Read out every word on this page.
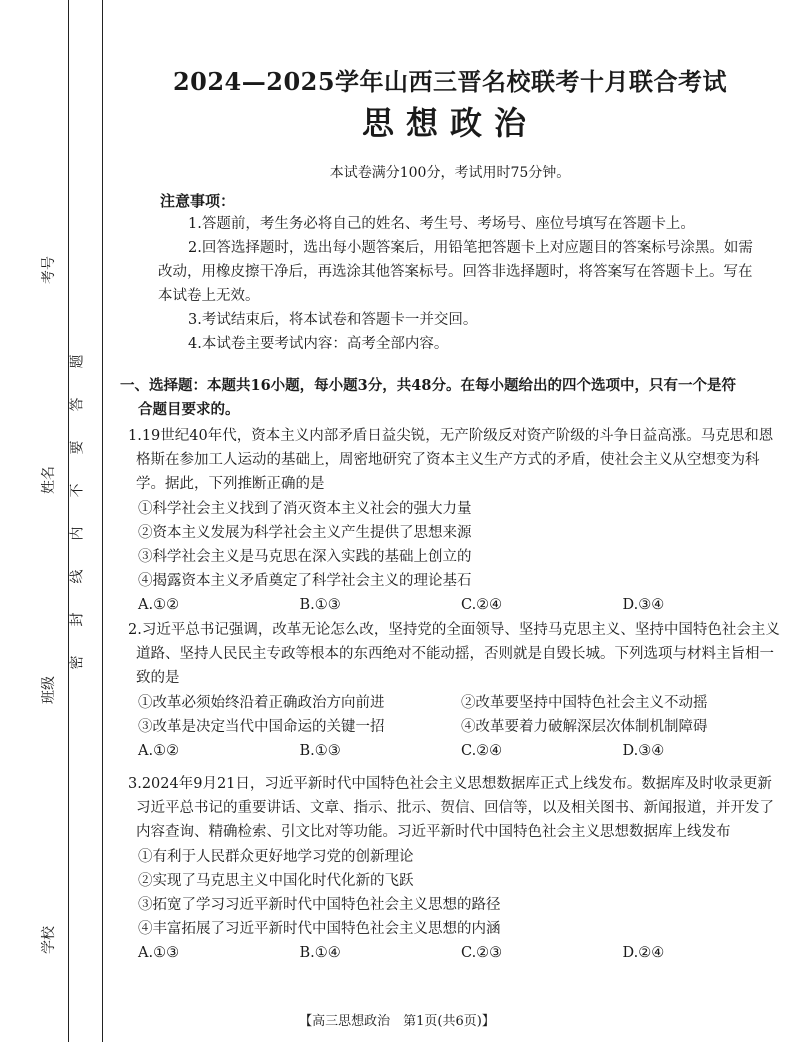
考号
姓名
班级
学校
题
答
要
不
内
线
封
密
2024—2025学年山西三晋名校联考十月联合考试
思想政治
本试卷满分100分，考试用时75分钟。
注意事项：

1.答题前，考生务必将自己的姓名、考生号、考场号、座位号填写在答题卡上。

2.回答选择题时，选出每小题答案后，用铅笔把答题卡上对应题目的答案标号涂黑。如需改动，用橡皮擦干净后，再选涂其他答案标号。回答非选择题时，将答案写在答题卡上。写在本试卷上无效。

3.考试结束后，将本试卷和答题卡一并交回。

4.本试卷主要考试内容：高考全部内容。

一、选择题：本题共16小题，每小题3分，共48分。在每小题给出的四个选项中，只有一个是符
合题目要求的。

1.19世纪40年代，资本主义内部矛盾日益尖锐，无产阶级反对资产阶级的斗争日益高涨。马克思和恩格斯在参加工人运动的基础上，周密地研究了资本主义生产方式的矛盾，使社会主义从空想变为科学。据此，下列推断正确的是

①科学社会主义找到了消灭资本主义社会的强大力量

②资本主义发展为科学社会主义产生提供了思想来源

③科学社会主义是马克思在深入实践的基础上创立的

④揭露资本主义矛盾奠定了科学社会主义的理论基石

A.①②	B.①③	C.②④	D.③④

2.习近平总书记强调，改革无论怎么改，坚持党的全面领导、坚持马克思主义、坚持中国特色社会主义道路、坚持人民民主专政等根本的东西绝对不能动摇，否则就是自毁长城。下列选项与材料主旨相一致的是

①改革必须始终沿着正确政治方向前进	②改革要坚持中国特色社会主义不动摇
③改革是决定当代中国命运的关键一招	④改革要着力破解深层次体制机制障碍
A.①②	B.①③	C.②④	D.③④

3.2024年9月21日，习近平新时代中国特色社会主义思想数据库正式上线发布。数据库及时收录更新习近平总书记的重要讲话、文章、指示、批示、贺信、回信等，以及相关图书、新闻报道，并开发了内容查询、精确检索、引文比对等功能。习近平新时代中国特色社会主义思想数据库上线发布

①有利于人民群众更好地学习党的创新理论

②实现了马克思主义中国化时代化新的飞跃

③拓宽了学习习近平新时代中国特色社会主义思想的路径

④丰富拓展了习近平新时代中国特色社会主义思想的内涵

A.①③	B.①④	C.②③	D.②④
【高三思想政治　第1页(共6页)】
